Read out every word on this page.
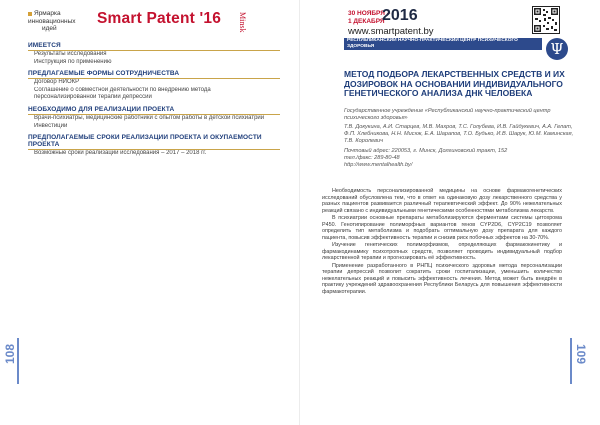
Ярмарка
инновационных
идей
Smart Patent '16 Minsk
ИМЕЕТСЯ
Результаты исследования
Инструкция по применению
ПРЕДЛАГАЕМЫЕ ФОРМЫ СОТРУДНИЧЕСТВА
Договор НИОКР
Соглашение о совместной деятельности по внедрению метода
персонализированной терапии депрессии
НЕОБХОДИМО ДЛЯ РЕАЛИЗАЦИИ ПРОЕКТА
Врачи-психиатры, медицинские работники с опытом работы в детской психиатрии
Инвестиции
ПРЕДПОЛАГАЕМЫЕ СРОКИ РЕАЛИЗАЦИИ ПРОЕКТА И ОКУПАЕМОСТИ ПРОЕКТА
Возможные сроки реализации исследования – 2017 – 2018 гг.
108
30 НОЯБРЯ –
1 ДЕКАБРЯ
2016
www.smartpatent.by
РЕСПУБЛИКАНСКИЙ НАУЧНО-ПРАКТИЧЕСКИЙ ЦЕНТР ПСИХИЧЕСКОГО ЗДОРОВЬЯ	Ψ
МЕТОД ПОДБОРА ЛЕКАРСТВЕННЫХ СРЕДСТВ И ИХ ДОЗИРОВОК НА ОСНОВАНИИ ИНДИВИДУАЛЬНОГО ГЕНЕТИЧЕСКОГО АНАЛИЗА ДНК ЧЕЛОВЕКА
Государственное учреждение «Республиканский научно-практический центр психического здоровья»
Т.В. Докукина, А.И. Старцев, М.В. Махров, Т.С. Голубева, И.В. Гайдукевич, А.А. Гелат, Ф.П. Хлебникова, Н.Н. Мисюк, Е.А. Шарапов, Т.О. Будько, И.В. Шарук, Ю.М. Каминская, Т.В. Королевич
Почтовый адрес: 220053, г. Минск, Долгиновский тракт, 152
тел./факс: 289-80-48
http://www.mentalhealth.by/

Необходимость персонализированной медицины на основе фармакогенетических исследований обусловлена тем, что в ответ на одинаковую дозу лекарственного средства у разных пациентов развивается различный терапевтический эффект. До 90% нежелательных реакций связано с индивидуальными генетическими особенностями метаболизма лекарств.

В психиатрии основные препараты метаболизируются ферментами системы цитохрома Р450. Генотипирование полиморфных вариантов генов CYP2D6, CYP2C19 позволяет определить тип метаболизма и подобрать оптимальную дозу препарата для каждого пациента, повысив эффективность терапии и снизив риск побочных эффектов на 30-70%.

Изучение генетических полиморфизмов, определяющих фармакокинетику и фармакодинамику психотропных средств, позволяет проводить индивидуальный подбор лекарственной терапии и прогнозировать её эффективность.

Применение разработанного в РНПЦ психического здоровья метода персонализации терапии депрессий позволит сократить сроки госпитализации, уменьшить количество нежелательных реакций и повысить эффективность лечения. Метод может быть внедрён в практику учреждений здравоохранения Республики Беларусь для повышения эффективности фармакотерапии.

109
